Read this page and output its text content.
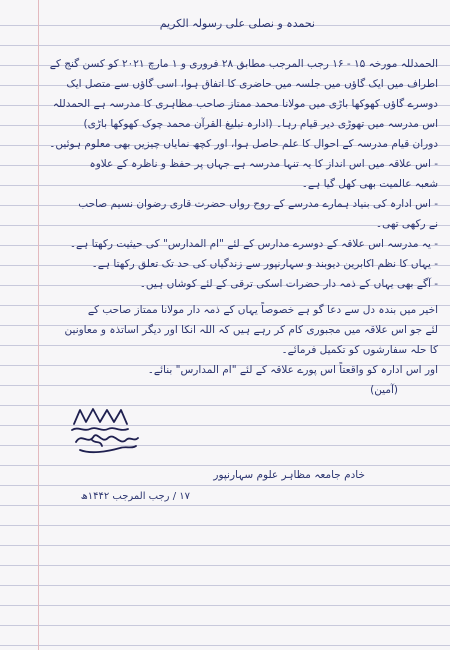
نحمدہ و نصلی علی رسولہ الکریم
الحمدللہ مورخہ ۱۵ - ۱۶ رجب المرجب مطابق ۲۸ فروری و ۱ مارچ ۲۰۲۱ کو کسن گنج کے
اطراف میں ایک گاؤں میں جلسہ میں حاضری کا اتفاق ہوا، اسی گاؤں سے متصل ایک
دوسرے گاؤں کھوکھا باڑی میں مولانا محمد ممتاز صاحب مظاہری کا مدرسہ ہے الحمدللہ
اس مدرسہ میں تھوڑی دیر قیام رہا۔ (ادارہ تبلیغ القرآن محمد چوک کھوکھا باڑی)
دوران قیام مدرسہ کے احوال کا علم حاصل ہوا، اور کچھ نمایاں چیزیں بھی معلوم ہوئیں۔
- اس علاقہ میں اس انداز کا یہ تنہا مدرسہ ہے جہاں پر حفظ و ناظرہ کے علاوہ
شعبہ عالمیت بھی کھل گیا ہے۔
- اس ادارہ کی بنیاد ہمارے مدرسے کے روح رواں حضرت قاری رضوان نسیم صاحب
نے رکھی تھی۔
- یہ مدرسہ اس علاقہ کے دوسرے مدارس کے لئے "ام المدارس" کی حیثیت رکھتا ہے۔
- یہاں کا نظم اکابرین دیوبند و سہارنپور سے زندگیاں کی حد تک تعلق رکھتا ہے۔
- آگے بھی یہاں کے ذمہ دار حضرات اسکی ترقی کے لئے کوشاں ہیں۔
اخیر میں بندہ دل سے دعا گو ہے خصوصاً یہاں کے ذمہ دار مولانا ممتاز صاحب کے
لئے جو اس علاقہ میں مجبوری کام کر رہے ہیں کہ اللہ انکا اور دیگر اساتذہ و معاونین
کا حلہ سفارشوں کو تکمیل فرمائے۔
اور اس ادارہ کو واقعتاً اس پورے علاقہ کے لئے "ام المدارس" بنائے۔
(آمین)
خادم جامعہ مظاہر علوم سہارنپور
۱۷ / رجب المرجب ۱۴۴۲ھ
